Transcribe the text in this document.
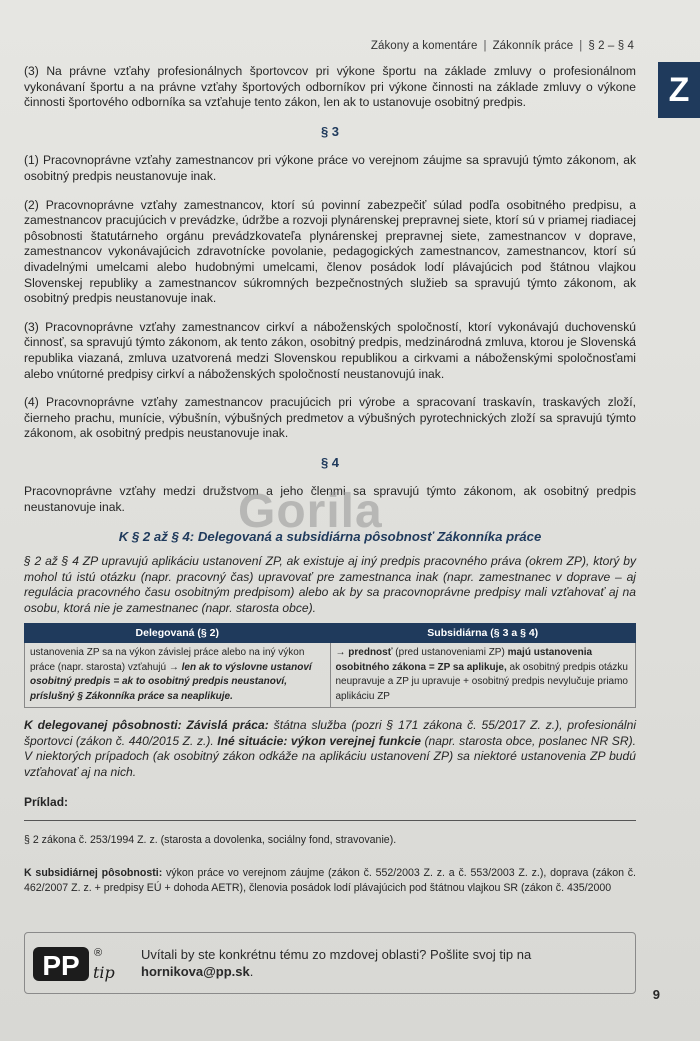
Zákony a komentáre | Zákonník práce | § 2 – § 4
Z

(3) Na právne vzťahy profesionálnych športovcov pri výkone športu na základe zmluvy o profesionálnom vykonávaní športu a na právne vzťahy športových odborníkov pri výkone činnosti na základe zmluvy o výkone činnosti športového odborníka sa vzťahuje tento zákon, len ak to ustanovuje osobitný predpis.

§ 3

(1) Pracovnoprávne vzťahy zamestnancov pri výkone práce vo verejnom záujme sa spravujú týmto zákonom, ak osobitný predpis neustanovuje inak.

(2) Pracovnoprávne vzťahy zamestnancov, ktorí sú povinní zabezpečiť súlad podľa osobitného predpisu, a zamestnancov pracujúcich v prevádzke, údržbe a rozvoji plynárenskej prepravnej siete, ktorí sú v priamej riadiacej pôsobnosti štatutárneho orgánu prevádzkovateľa plynárenskej prepravnej siete, zamestnancov v doprave, zamestnancov vykonávajúcich zdravotnícke povolanie, pedagogických zamestnancov, zamestnancov, ktorí sú divadelnými umelcami alebo hudobnými umelcami, členov posádok lodí plávajúcich pod štátnou vlajkou Slovenskej republiky a zamestnancov súkromných bezpečnostných služieb sa spravujú týmto zákonom, ak osobitný predpis neustanovuje inak.

(3) Pracovnoprávne vzťahy zamestnancov cirkví a náboženských spoločností, ktorí vykonávajú duchovenskú činnosť, sa spravujú týmto zákonom, ak tento zákon, osobitný predpis, medzinárodná zmluva, ktorou je Slovenská republika viazaná, zmluva uzatvorená medzi Slovenskou republikou a cirkvami a náboženskými spoločnosťami alebo vnútorné predpisy cirkví a náboženských spoločností neustanovujú inak.

(4) Pracovnoprávne vzťahy zamestnancov pracujúcich pri výrobe a spracovaní traskavín, traskavých zloží, čierneho prachu, munície, výbušnín, výbušných predmetov a výbušných pyrotechnických zloží sa spravujú týmto zákonom, ak osobitný predpis neustanovuje inak.

§ 4

Pracovnoprávne vzťahy medzi družstvom a jeho členmi sa spravujú týmto zákonom, ak osobitný predpis neustanovuje inak.

K § 2 až § 4: Delegovaná a subsidiárna pôsobnosť Zákonníka práce

§ 2 až § 4 ZP upravujú aplikáciu ustanovení ZP, ak existuje aj iný predpis pracovného práva (okrem ZP), ktorý by mohol tú istú otázku (napr. pracovný čas) upravovať pre zamestnanca inak (napr. zamestnanec v doprave – aj regulácia pracovného času osobitným predpisom) alebo ak by sa pracovnoprávne predpisy mali vzťahovať aj na osobu, ktorá nie je zamestnanec (napr. starosta obce).

Delegovaná (§ 2)	Subsidiárna (§ 3 a § 4)
ustanovenia ZP sa na výkon závislej práce alebo na iný výkon práce (napr. starosta) vzťahujú → len ak to výslovne ustanoví osobitný predpis = ak to osobitný predpis neustanoví, príslušný § Zákonníka práce sa neaplikuje.	→ prednosť (pred ustanoveniami ZP) majú ustanovenia osobitného zákona = ZP sa aplikuje, ak osobitný predpis otázku neupravuje a ZP ju upravuje + osobitný predpis nevylučuje priamo aplikáciu ZP

K delegovanej pôsobnosti: Závislá práca: štátna služba (pozri § 171 zákona č. 55/2017 Z. z.), profesionálni športovci (zákon č. 440/2015 Z. z.). Iné situácie: výkon verejnej funkcie (napr. starosta obce, poslanec NR SR). V niektorých prípadoch (ak osobitný zákon odkáže na aplikáciu ustanovení ZP) sa niektoré ustanovenia ZP budú vzťahovať aj na nich.

Príklad:

§ 2 zákona č. 253/1994 Z. z. (starosta a dovolenka, sociálny fond, stravovanie).

K subsidiárnej pôsobnosti: výkon práce vo verejnom záujme (zákon č. 552/2003 Z. z. a č. 553/2003 Z. z.), doprava (zákon č. 462/2007 Z. z. + predpisy EÚ + dohoda AETR), členovia posádok lodí plávajúcich pod štátnou vlajkou SR (zákon č. 435/2000

Gorila
PP ®
tip
Uvítali by ste konkrétnu tému zo mzdovej oblasti? Pošlite svoj tip na hornikova@pp.sk.
9
